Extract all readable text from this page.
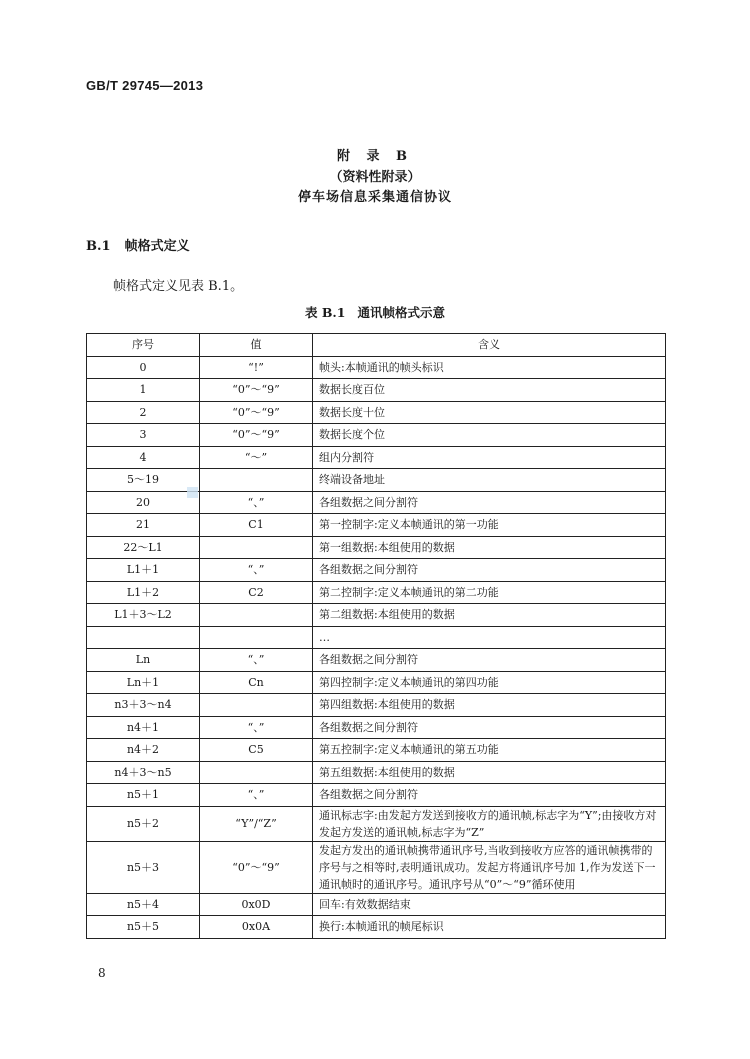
GB/T 29745—2013
附 录 B
（资料性附录）
停车场信息采集通信协议
B.1 帧格式定义
帧格式定义见表 B.1。
表 B.1 通讯帧格式示意
序号	值	含义
0	“!”	帧头:本帧通讯的帧头标识
1	“0”～“9”	数据长度百位
2	“0”～“9”	数据长度十位
3	“0”～“9”	数据长度个位
4	“～”	组内分割符
5～19		终端设备地址
20	“、”	各组数据之间分割符
21	C1	第一控制字:定义本帧通讯的第一功能
22～L1		第一组数据:本组使用的数据
L1＋1	“、”	各组数据之间分割符
L1＋2	C2	第二控制字:定义本帧通讯的第二功能
L1＋3～L2		第二组数据:本组使用的数据
		…
Ln	“、”	各组数据之间分割符
Ln＋1	Cn	第四控制字:定义本帧通讯的第四功能
n3＋3～n4		第四组数据:本组使用的数据
n4＋1	“、”	各组数据之间分割符
n4＋2	C5	第五控制字:定义本帧通讯的第五功能
n4＋3～n5		第五组数据:本组使用的数据
n5＋1	“、”	各组数据之间分割符
n5＋2	“Y”/“Z”	通讯标志字:由发起方发送到接收方的通讯帧,标志字为“Y”;由接收方对发起方发送的通讯帧,标志字为“Z”
n5＋3	“0”～“9”	发起方发出的通讯帧携带通讯序号,当收到接收方应答的通讯帧携带的序号与之相等时,表明通讯成功。发起方将通讯序号加 1,作为发送下一通讯帧时的通讯序号。通讯序号从“0”～“9”循环使用
n5＋4	0x0D	回车:有效数据结束
n5＋5	0x0A	换行:本帧通讯的帧尾标识
8
